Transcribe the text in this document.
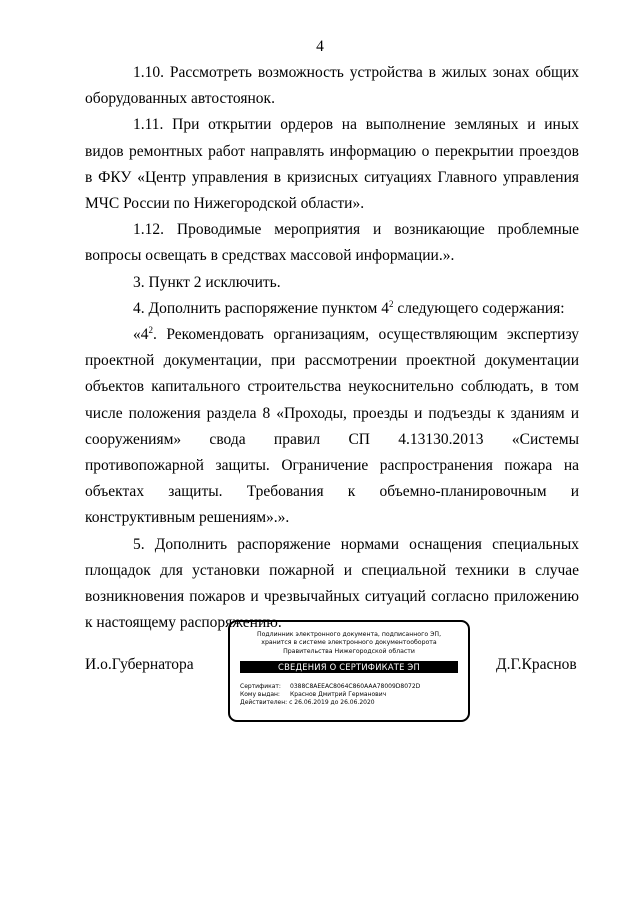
4

1.10. Рассмотреть возможность устройства в жилых зонах общих оборудованных автостоянок.

1.11. При открытии ордеров на выполнение земляных и иных видов ремонтных работ направлять информацию о перекрытии проездов в ФКУ «Центр управления в кризисных ситуациях Главного управления МЧС России по Нижегородской области».

1.12. Проводимые мероприятия и возникающие проблемные вопросы освещать в средствах массовой информации.».

3. Пункт 2 исключить.

4. Дополнить распоряжение пунктом $4^2$ следующего содержания:

«$4^2$. Рекомендовать организациям, осуществляющим экспертизу проектной документации, при рассмотрении проектной документации объектов капитального строительства неукоснительно соблюдать, в том числе положения раздела 8 «Проходы, проезды и подъезды к зданиям и сооружениям» свода правил СП 4.13130.2013 «Системы противопожарной защиты. Ограничение распространения пожара на объектах защиты. Требования к объемно-планировочным и конструктивным решениям».».

5. Дополнить распоряжение нормами оснащения специальных площадок для установки пожарной и специальной техники в случае возникновения пожаров и чрезвычайных ситуаций согласно приложению к настоящему распоряжению.

И.о.Губернатора	Д.Г.Краснов
Подлинник электронного документа, подписанного ЭП,
хранится в системе электронного документооборота
Правительства Нижегородской области
СВЕДЕНИЯ О СЕРТИФИКАТЕ ЭП
Сертификат: 0388C8AEEAC8064C860AAA78009D8072D
Кому выдан: Краснов Дмитрий Германович
Действителен: с 26.06.2019 до 26.06.2020
